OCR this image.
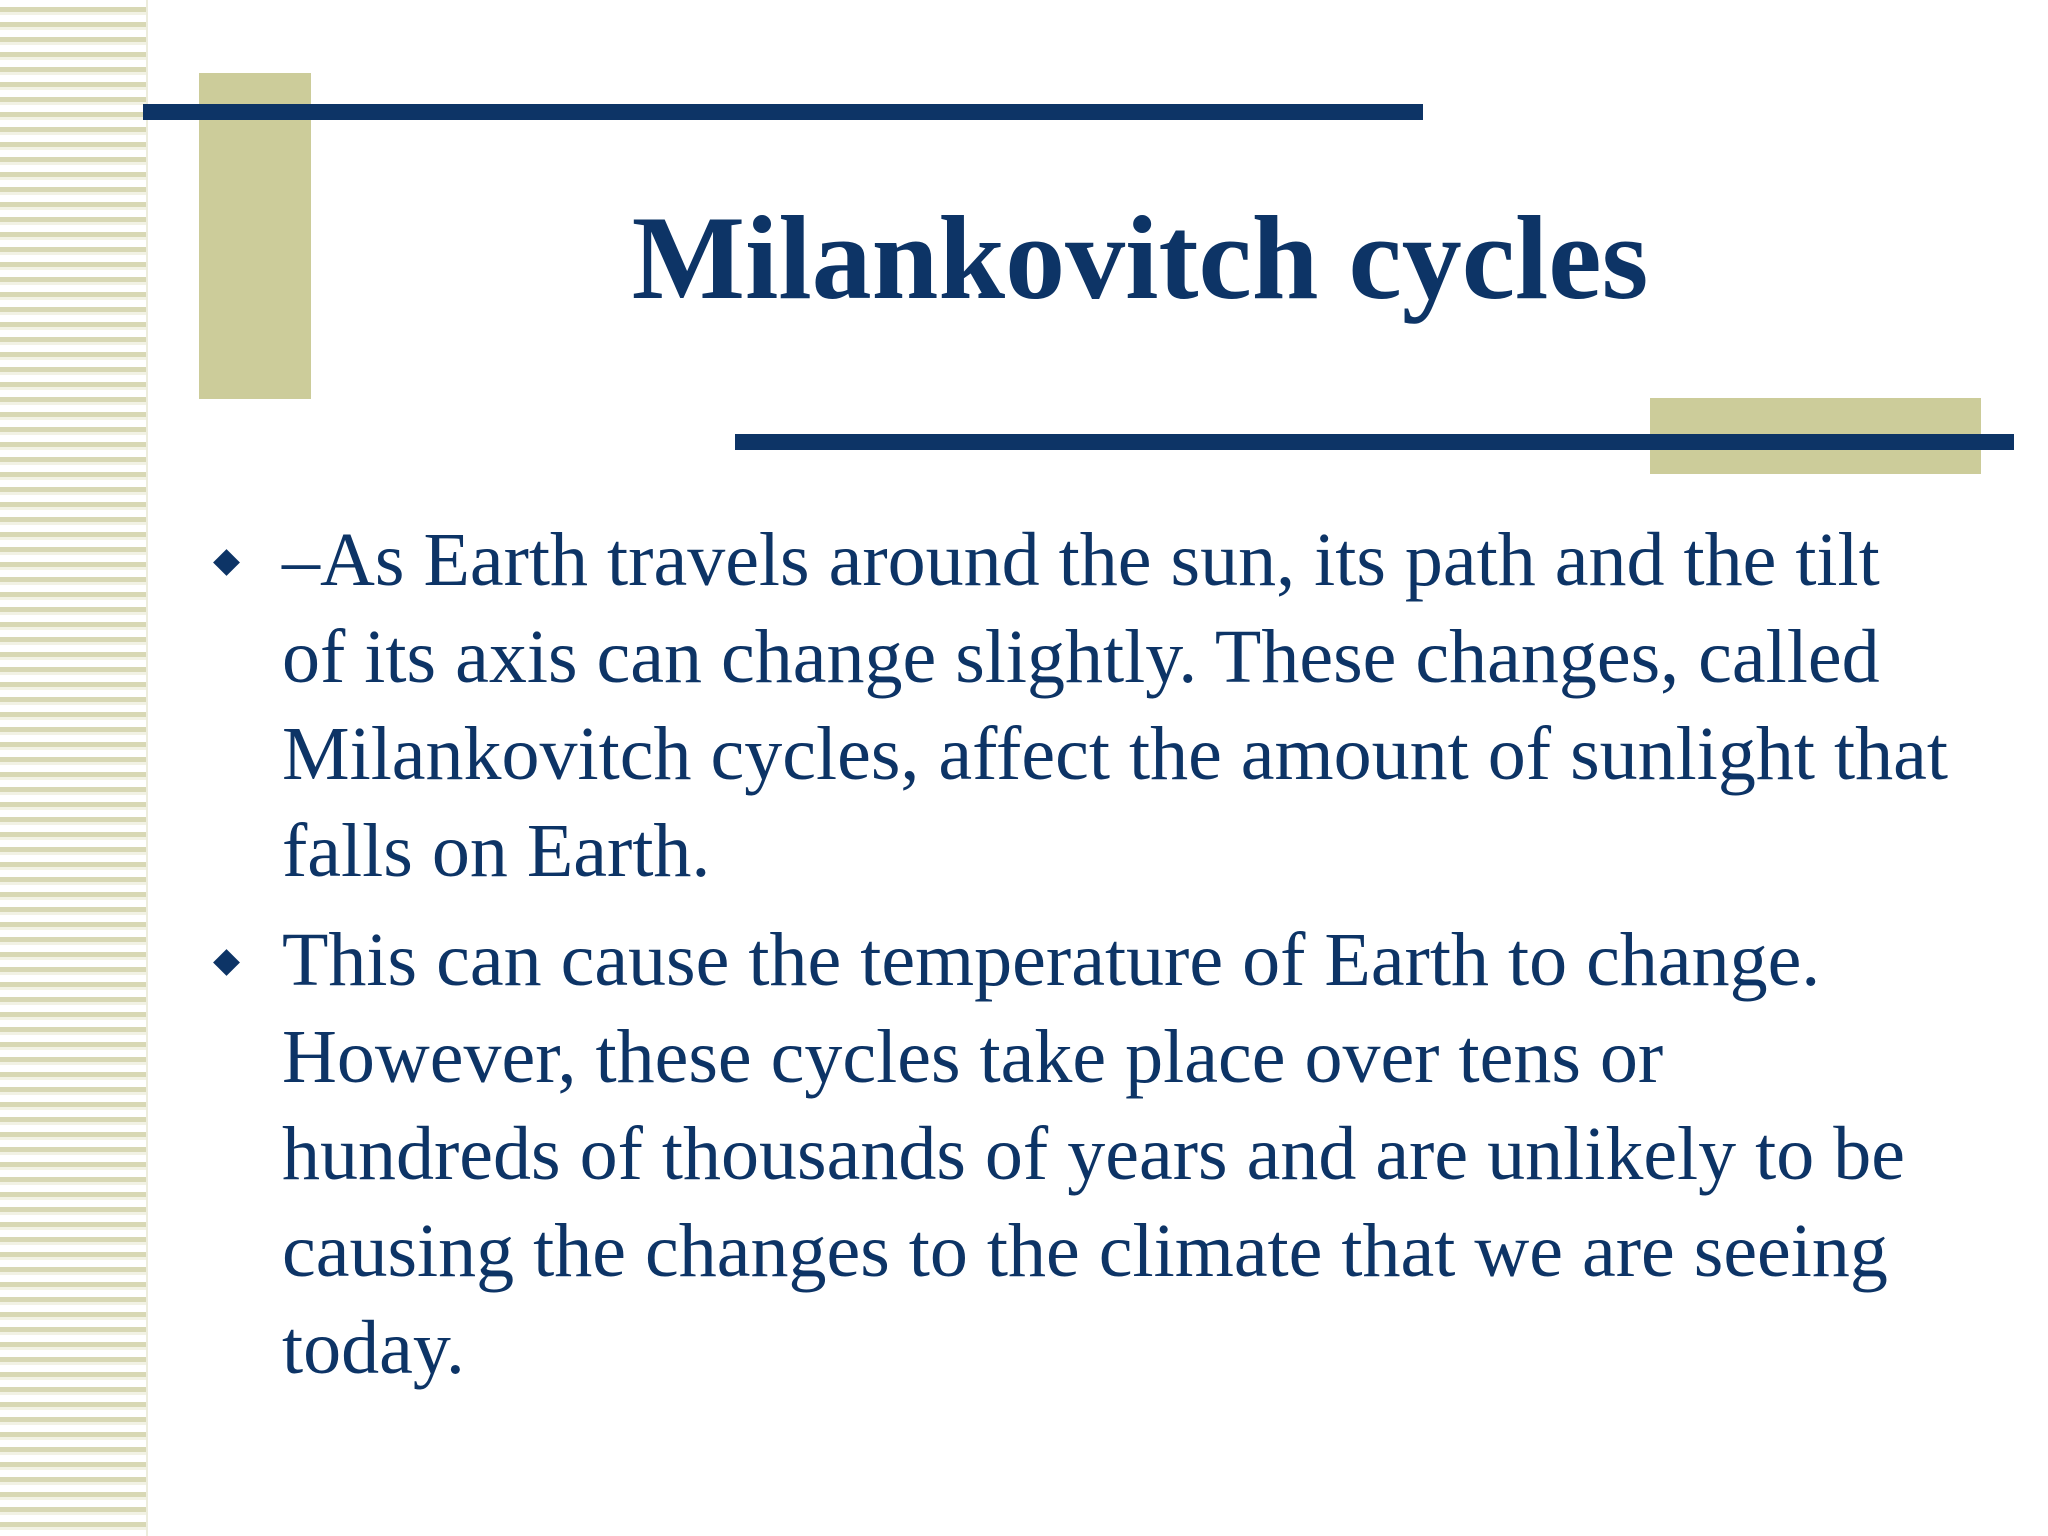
Milankovitch cycles
–As Earth travels around the sun, its path and the tilt of its axis can change slightly. These changes, called Milankovitch cycles, affect the amount of sunlight that falls on Earth.
This can cause the temperature of Earth to change. However, these cycles take place over tens or hundreds of thousands of years and are unlikely to be causing the changes to the climate that we are seeing today.
